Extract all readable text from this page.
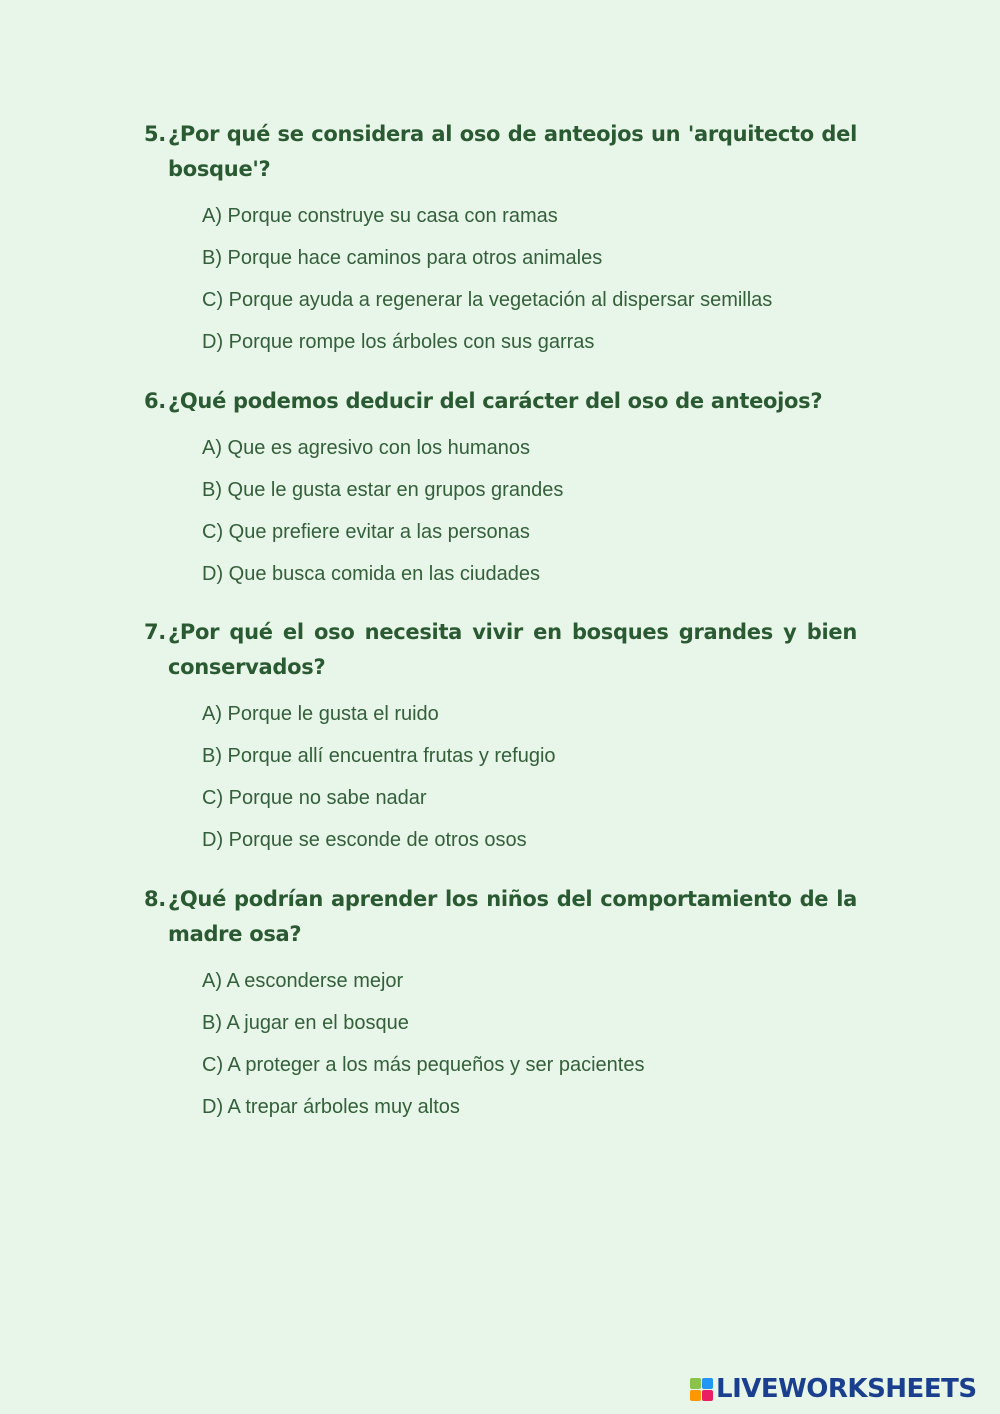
5.¿Por qué se considera al oso de anteojos un 'arquitecto del bosque'?

A) Porque construye su casa con ramas
B) Porque hace caminos para otros animales
C) Porque ayuda a regenerar la vegetación al dispersar semillas
D) Porque rompe los árboles con sus garras

6.¿Qué podemos deducir del carácter del oso de anteojos?

A) Que es agresivo con los humanos
B) Que le gusta estar en grupos grandes
C) Que prefiere evitar a las personas
D) Que busca comida en las ciudades

7.¿Por qué el oso necesita vivir en bosques grandes y bien conservados?

A) Porque le gusta el ruido
B) Porque allí encuentra frutas y refugio
C) Porque no sabe nadar
D) Porque se esconde de otros osos

8.¿Qué podrían aprender los niños del comportamiento de la madre osa?

A) A esconderse mejor
B) A jugar en el bosque
C) A proteger a los más pequeños y ser pacientes
D) A trepar árboles muy altos
LIVEWORKSHEETS
